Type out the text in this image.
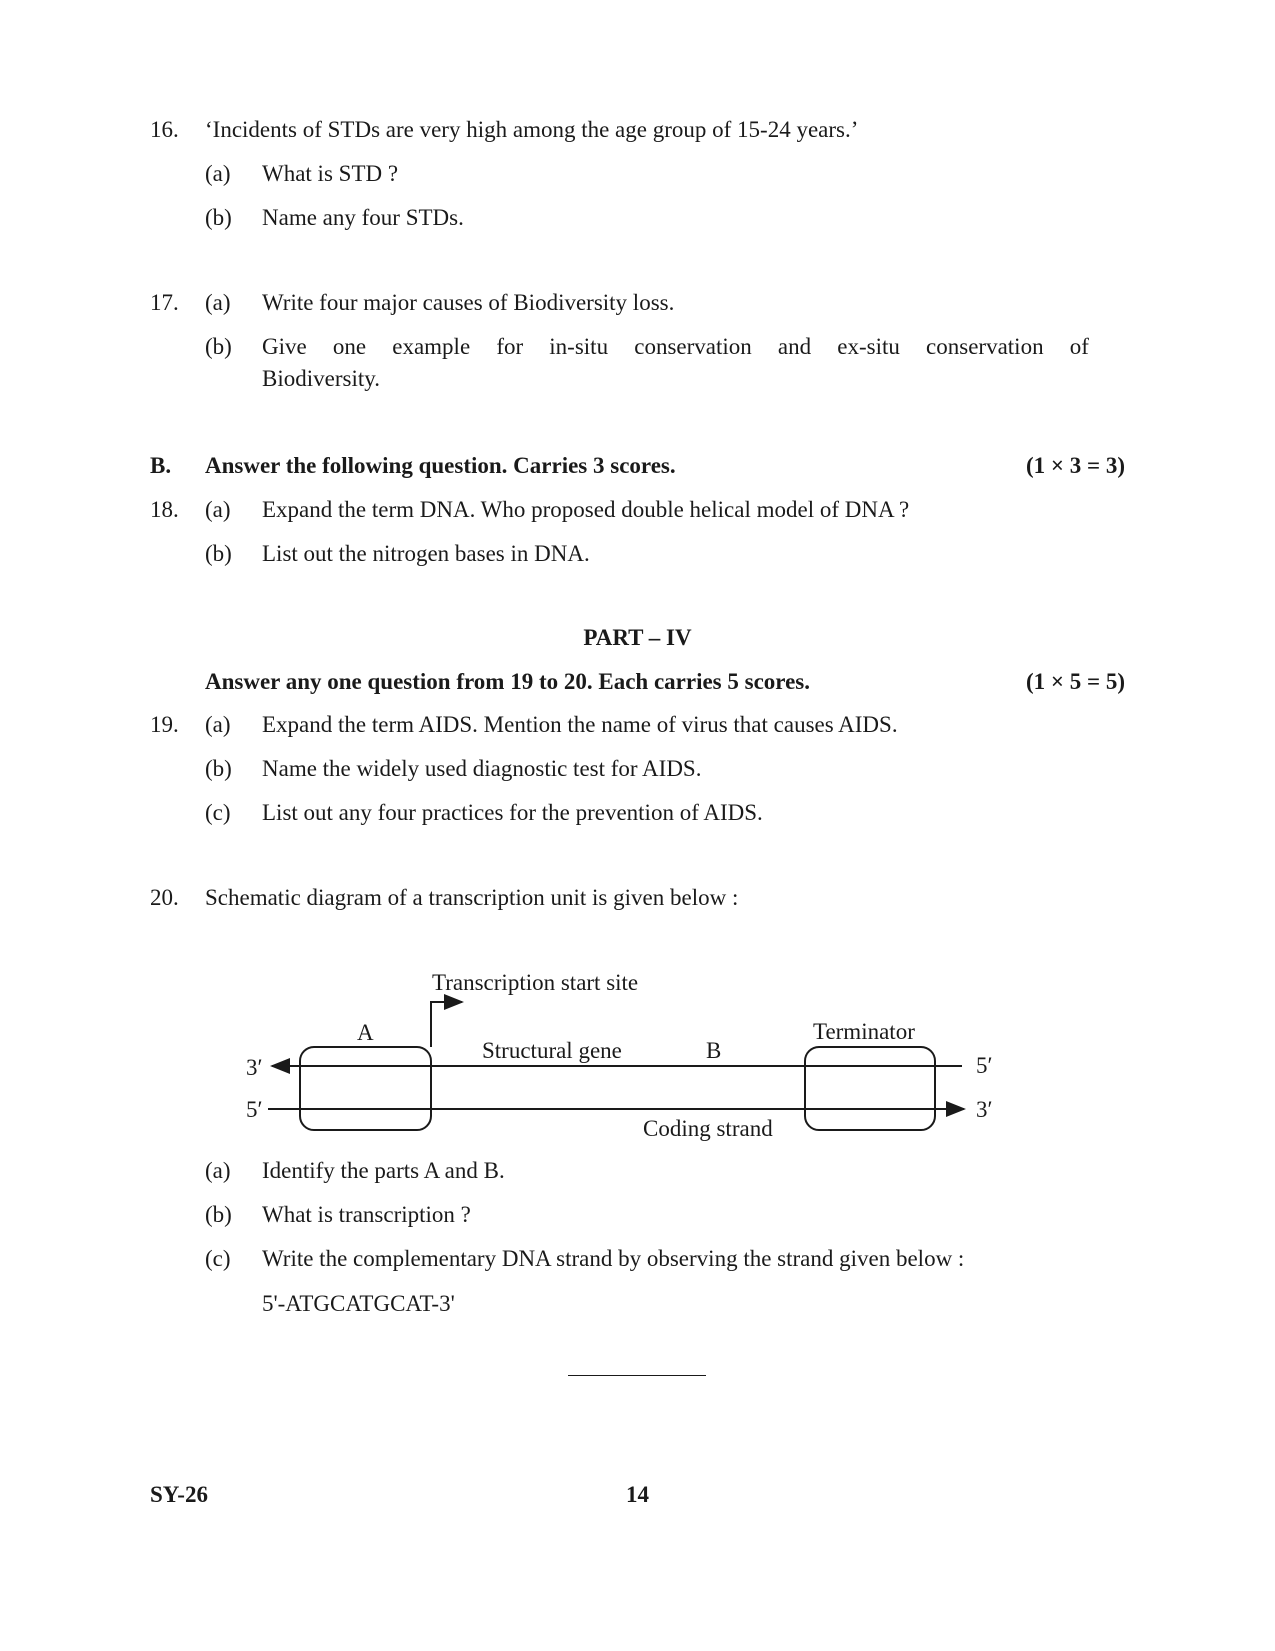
16. ‘Incidents of STDs are very high among the age group of 15-24 years.’
(a) What is STD ?
(b) Name any four STDs.
17. (a) Write four major causes of Biodiversity loss.
(b) Give one example for in-situ conservation and ex-situ conservation of
Biodiversity.
B. Answer the following question. Carries 3 scores.	(1 × 3 = 3)
18. (a) Expand the term DNA. Who proposed double helical model of DNA ?
(b) List out the nitrogen bases in DNA.
PART – IV
Answer any one question from 19 to 20. Each carries 5 scores.	(1 × 5 = 5)
19. (a) Expand the term AIDS. Mention the name of virus that causes AIDS.
(b) Name the widely used diagnostic test for AIDS.
(c) List out any four practices for the prevention of AIDS.
20. Schematic diagram of a transcription unit is given below :
Transcription start site
A
Structural gene	B
Terminator
3′	5′
5′	3′
Coding strand
(a) Identify the parts A and B.
(b) What is transcription ?
(c) Write the complementary DNA strand by observing the strand given below :
5'-ATGCATGCAT-3'
SY-26	14
